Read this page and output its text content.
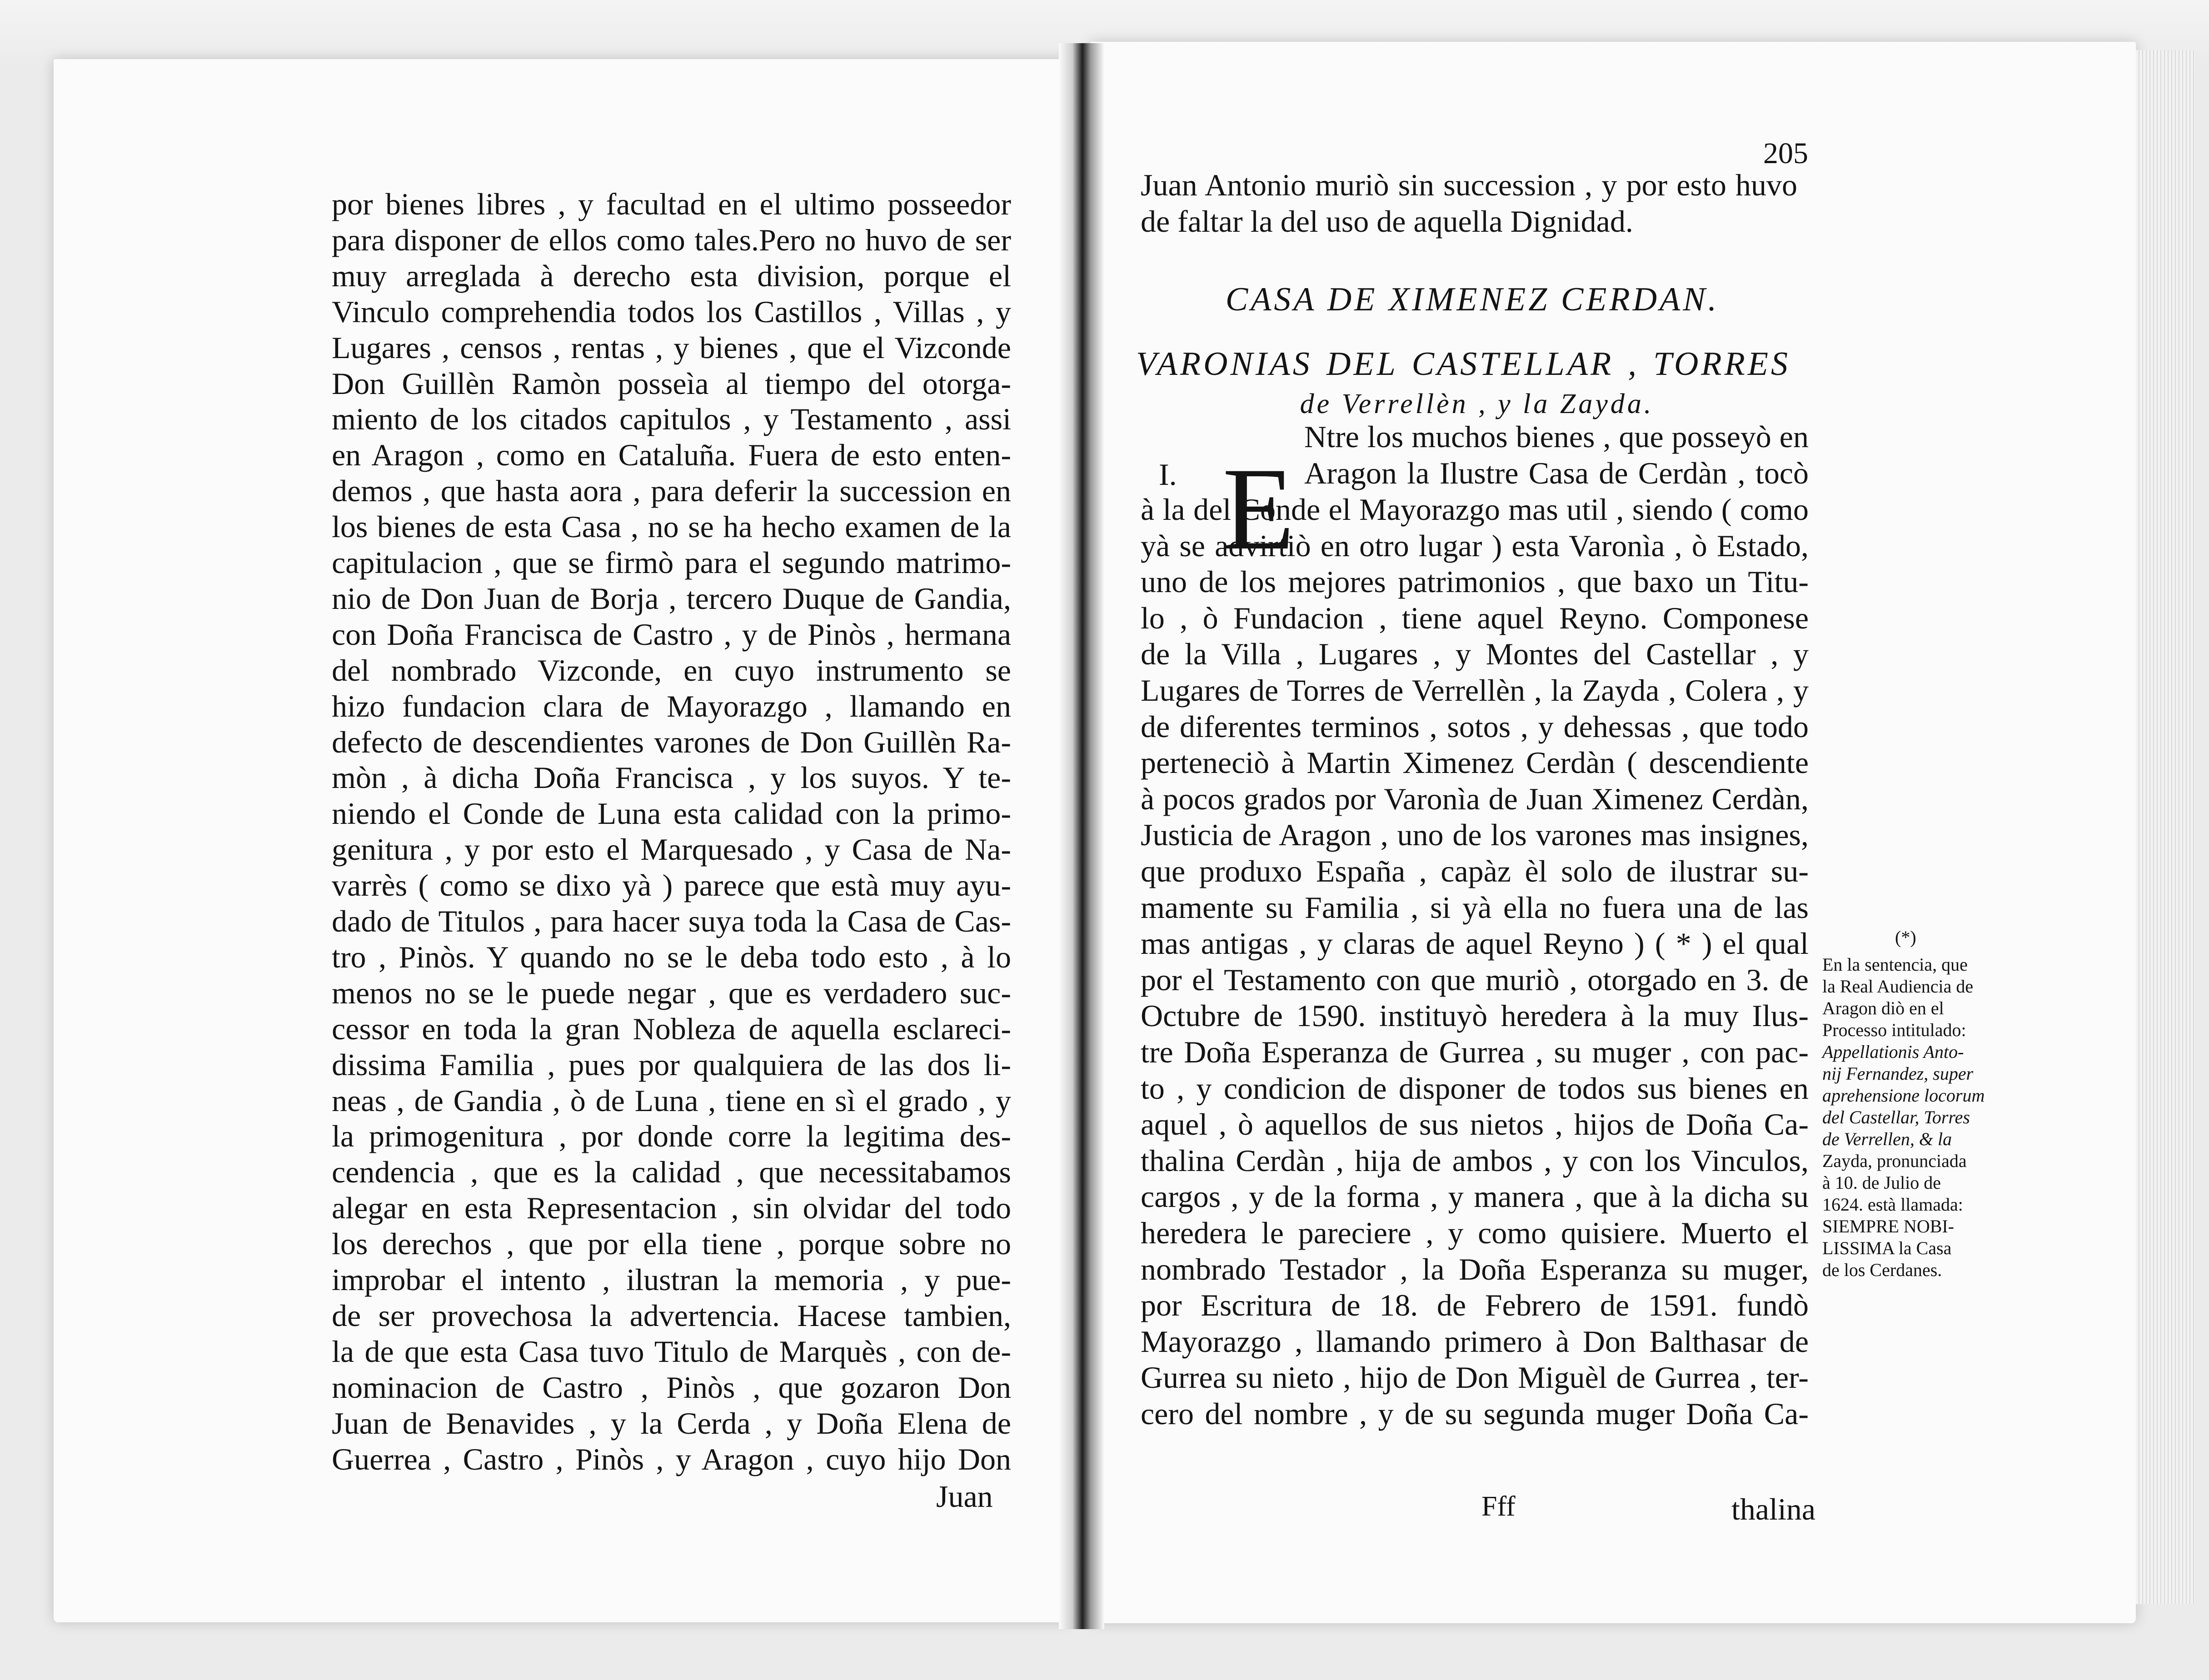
por bienes libres , y facultad en el ultimo posseedor
para disponer de ellos como tales.Pero no huvo de ser
muy arreglada à derecho esta division, porque el
Vinculo comprehendia todos los Castillos , Villas , y
Lugares , censos , rentas , y bienes , que el Vizconde
Don Guillèn Ramòn posseìa al tiempo del otorga-
miento de los citados capitulos , y Testamento , assi
en Aragon , como en Cataluña. Fuera de esto enten-
demos , que hasta aora , para deferir la succession en
los bienes de esta Casa , no se ha hecho examen de la
capitulacion , que se firmò para el segundo matrimo-
nio de Don Juan de Borja , tercero Duque de Gandia,
con Doña Francisca de Castro , y de Pinòs , hermana
del nombrado Vizconde, en cuyo instrumento se
hizo fundacion clara de Mayorazgo , llamando en
defecto de descendientes varones de Don Guillèn Ra-
mòn , à dicha Doña Francisca , y los suyos. Y te-
niendo el Conde de Luna esta calidad con la primo-
genitura , y por esto el Marquesado , y Casa de Na-
varrès ( como se dixo yà ) parece que està muy ayu-
dado de Titulos , para hacer suya toda la Casa de Cas-
tro , Pinòs. Y quando no se le deba todo esto , à lo
menos no se le puede negar , que es verdadero suc-
cessor en toda la gran Nobleza de aquella esclareci-
dissima Familia , pues por qualquiera de las dos li-
neas , de Gandia , ò de Luna , tiene en sì el grado , y
la primogenitura , por donde corre la legitima des-
cendencia , que es la calidad , que necessitabamos
alegar en esta Representacion , sin olvidar del todo
los derechos , que por ella tiene , porque sobre no
improbar el intento , ilustran la memoria , y pue-
de ser provechosa la advertencia. Hacese tambien,
la de que esta Casa tuvo Titulo de Marquès , con de-
nominacion de Castro , Pinòs , que gozaron Don
Juan de Benavides , y la Cerda , y Doña Elena de
Guerrea , Castro , Pinòs , y Aragon , cuyo hijo Don
Juan
205
Juan Antonio muriò sin succession , y por esto huvo
de faltar la del uso de aquella Dignidad.
CASA DE XIMENEZ CERDAN.
VARONIAS DEL CASTELLAR , TORRES
de Verrellèn , y la Zayda.
I. E
Ntre los muchos bienes , que posseyò en
Aragon la Ilustre Casa de Cerdàn , tocò
à la del Conde el Mayorazgo mas util , siendo ( como
yà se advirtiò en otro lugar ) esta Varonìa , ò Estado,
uno de los mejores patrimonios , que baxo un Titu-
lo , ò Fundacion , tiene aquel Reyno. Componese
de la Villa , Lugares , y Montes del Castellar , y
Lugares de Torres de Verrellèn , la Zayda , Colera , y
de diferentes terminos , sotos , y dehessas , que todo
perteneciò à Martin Ximenez Cerdàn ( descendiente
à pocos grados por Varonìa de Juan Ximenez Cerdàn,
Justicia de Aragon , uno de los varones mas insignes,
que produxo España , capàz èl solo de ilustrar su-
mamente su Familia , si yà ella no fuera una de las
mas antigas , y claras de aquel Reyno ) ( * ) el qual
por el Testamento con que muriò , otorgado en 3. de
Octubre de 1590. instituyò heredera à la muy Ilus-
tre Doña Esperanza de Gurrea , su muger , con pac-
to , y condicion de disponer de todos sus bienes en
aquel , ò aquellos de sus nietos , hijos de Doña Ca-
thalina Cerdàn , hija de ambos , y con los Vinculos,
cargos , y de la forma , y manera , que à la dicha su
heredera le pareciere , y como quisiere. Muerto el
nombrado Testador , la Doña Esperanza su muger,
por Escritura de 18. de Febrero de 1591. fundò
Mayorazgo , llamando primero à Don Balthasar de
Gurrea su nieto , hijo de Don Miguèl de Gurrea , ter-
cero del nombre , y de su segunda muger Doña Ca-
Fff	thalina
(*)
En la sentencia, que
la Real Audiencia de
Aragon diò en el
Processo intitulado:
Appellationis Anto-
nij Fernandez, super
aprehensione locorum
del Castellar, Torres
de Verrellen, & la
Zayda, pronunciada
à 10. de Julio de
1624. està llamada:
SIEMPRE NOBI-
LISSIMA la Casa
de los Cerdanes.
